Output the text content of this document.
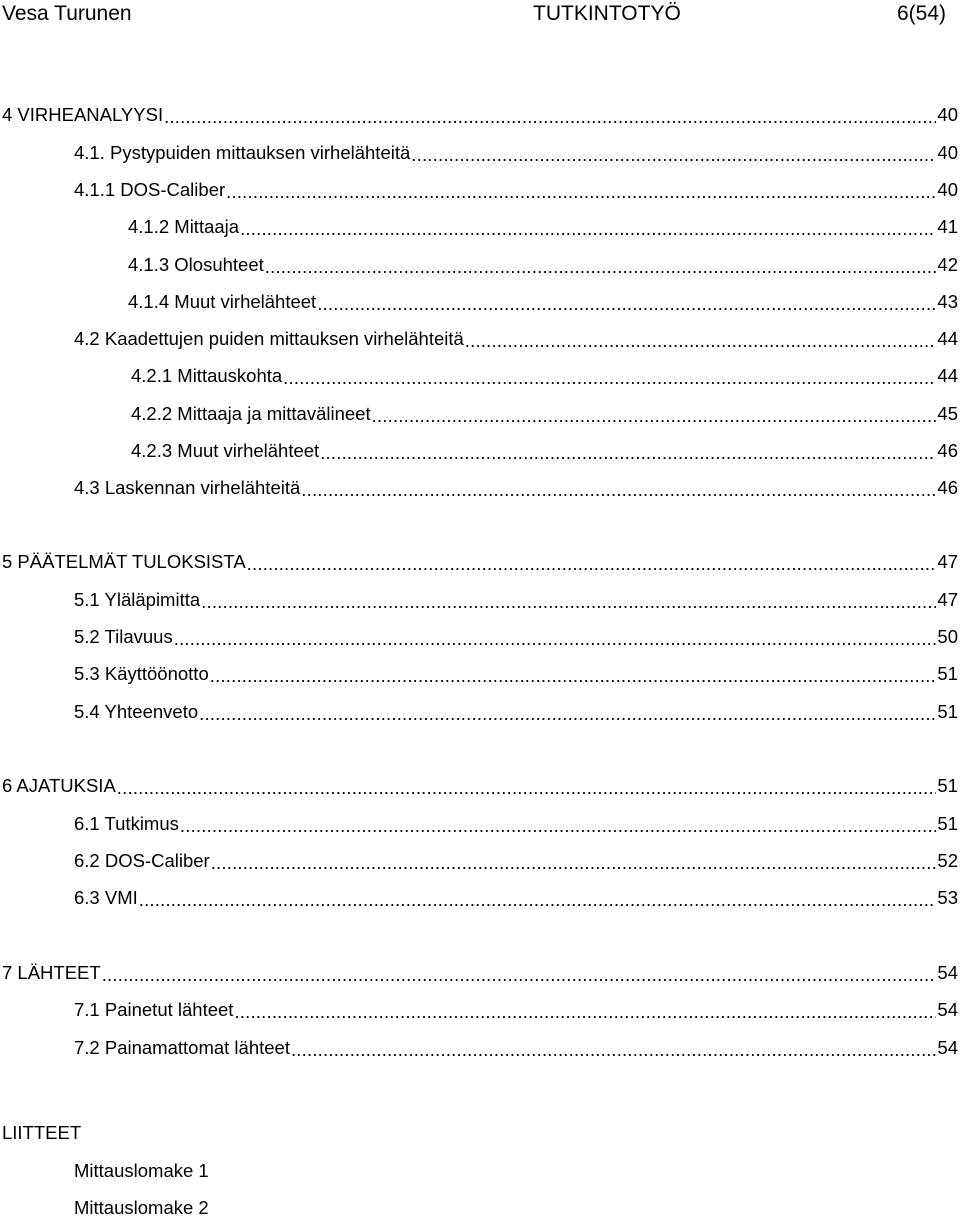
Vesa Turunen	TUTKINTOTYÖ	6(54)
4 VIRHEANALYYSI .....	40
4.1. Pystypuiden mittauksen virhelähteitä .....	40
4.1.1 DOS-Caliber .....	40
4.1.2 Mittaaja .....	41
4.1.3 Olosuhteet .....	42
4.1.4 Muut virhelähteet .....	43
4.2 Kaadettujen puiden mittauksen virhelähteitä .....	44
4.2.1 Mittauskohta .....	44
4.2.2 Mittaaja ja mittavälineet .....	45
4.2.3 Muut virhelähteet .....	46
4.3 Laskennan virhelähteitä .....	46
5 PÄÄTELMÄT TULOKSISTA .....	47
5.1 Yläläpimitta .....	47
5.2 Tilavuus .....	50
5.3 Käyttöönotto .....	51
5.4 Yhteenveto .....	51
6 AJATUKSIA .....	51
6.1 Tutkimus .....	51
6.2 DOS-Caliber .....	52
6.3 VMI .....	53
7 LÄHTEET .....	54
7.1 Painetut lähteet .....	54
7.2 Painamattomat lähteet .....	54
LIITTEET
Mittauslomake 1
Mittauslomake 2
